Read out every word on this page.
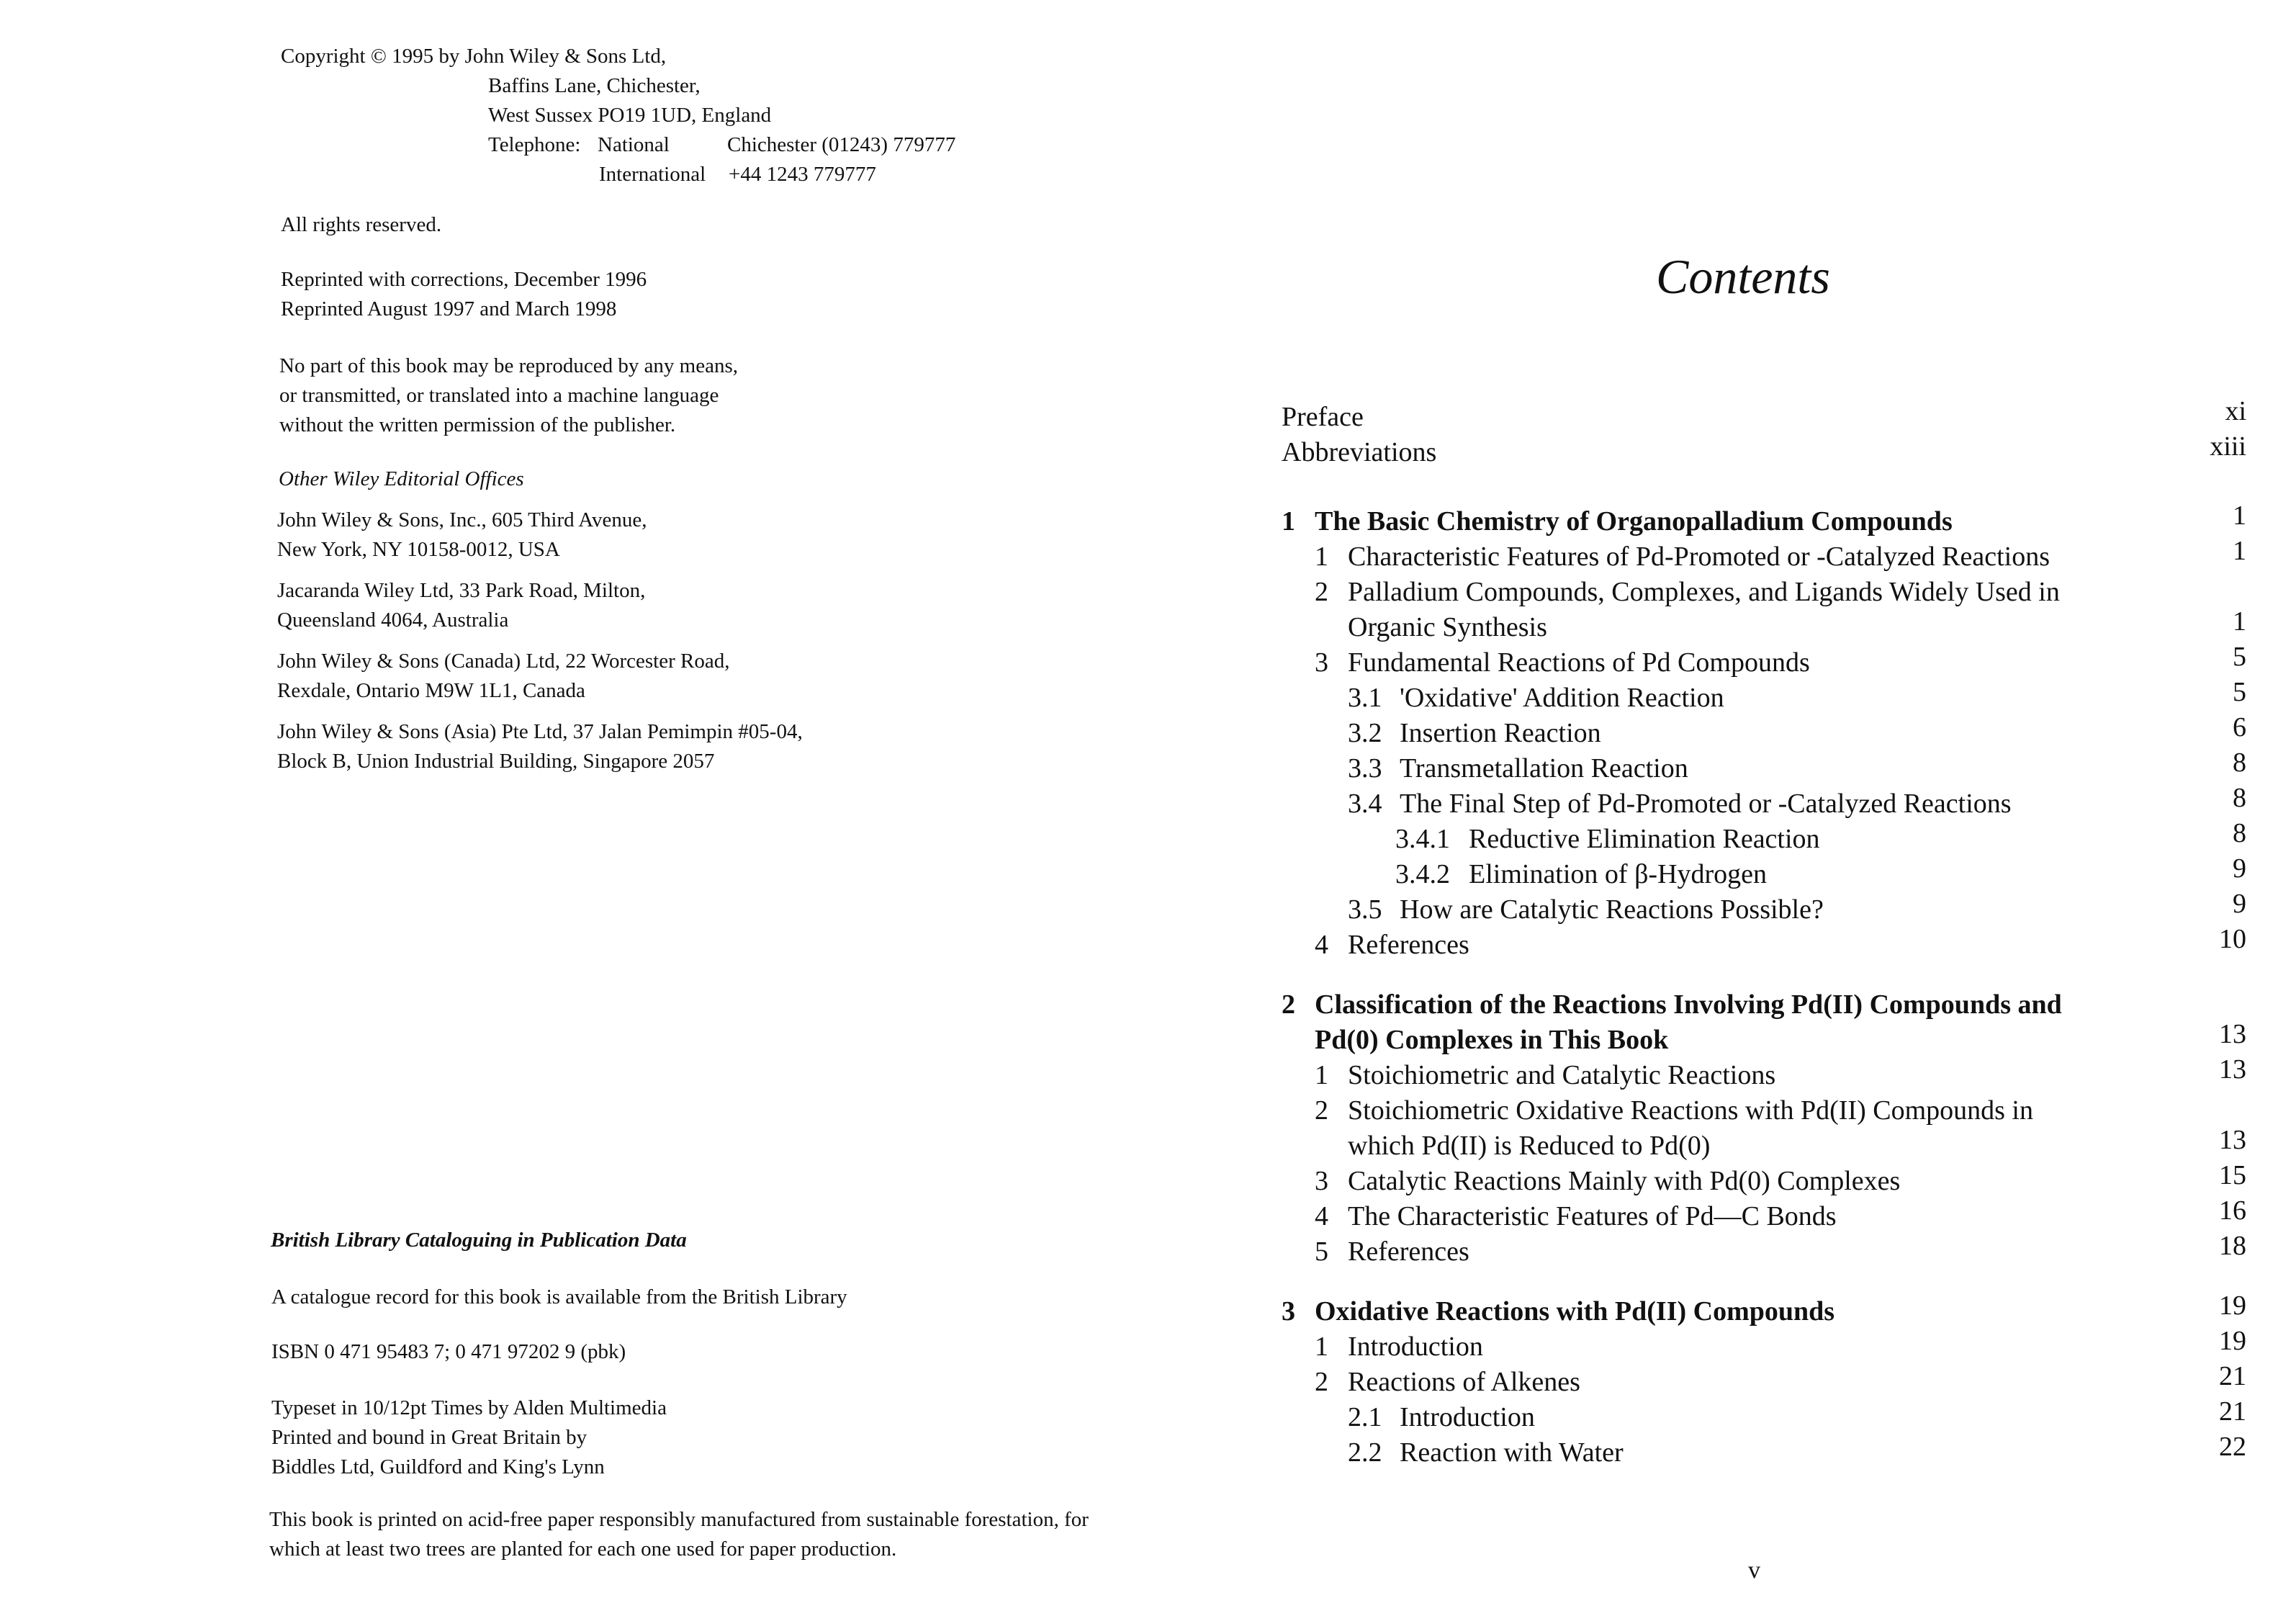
Copyright © 1995 by John Wiley & Sons Ltd,
Baffins Lane, Chichester,
West Sussex PO19 1UD, England
Telephone: National	Chichester (01243) 779777
International +44 1243 779777
All rights reserved.
Reprinted with corrections, December 1996
Reprinted August 1997 and March 1998
No part of this book may be reproduced by any means,
or transmitted, or translated into a machine language
without the written permission of the publisher.
Other Wiley Editorial Offices
John Wiley & Sons, Inc., 605 Third Avenue,
New York, NY 10158-0012, USA
Jacaranda Wiley Ltd, 33 Park Road, Milton,
Queensland 4064, Australia
John Wiley & Sons (Canada) Ltd, 22 Worcester Road,
Rexdale, Ontario M9W 1L1, Canada
John Wiley & Sons (Asia) Pte Ltd, 37 Jalan Pemimpin #05-04,
Block B, Union Industrial Building, Singapore 2057
British Library Cataloguing in Publication Data
A catalogue record for this book is available from the British Library
ISBN 0 471 95483 7; 0 471 97202 9 (pbk)
Typeset in 10/12pt Times by Alden Multimedia
Printed and bound in Great Britain by
Biddles Ltd, Guildford and King's Lynn
This book is printed on acid-free paper responsibly manufactured from sustainable forestation, for
which at least two trees are planted for each one used for paper production.
Contents
Preface	xi
Abbreviations	xiii
1 The Basic Chemistry of Organopalladium Compounds	1
1 Characteristic Features of Pd-Promoted or -Catalyzed Reactions	1
2 Palladium Compounds, Complexes, and Ligands Widely Used in
Organic Synthesis	1
3 Fundamental Reactions of Pd Compounds	5
3.1 'Oxidative' Addition Reaction	5
3.2 Insertion Reaction	6
3.3 Transmetallation Reaction	8
3.4 The Final Step of Pd-Promoted or -Catalyzed Reactions	8
3.4.1 Reductive Elimination Reaction	8
3.4.2 Elimination of β-Hydrogen	9
3.5 How are Catalytic Reactions Possible?	9
4 References	10
2 Classification of the Reactions Involving Pd(II) Compounds and
Pd(0) Complexes in This Book	13
1 Stoichiometric and Catalytic Reactions	13
2 Stoichiometric Oxidative Reactions with Pd(II) Compounds in
which Pd(II) is Reduced to Pd(0)	13
3 Catalytic Reactions Mainly with Pd(0) Complexes	15
4 The Characteristic Features of Pd—C Bonds	16
5 References	18
3 Oxidative Reactions with Pd(II) Compounds	19
1 Introduction	19
2 Reactions of Alkenes	21
2.1 Introduction	21
2.2 Reaction with Water	22
v
